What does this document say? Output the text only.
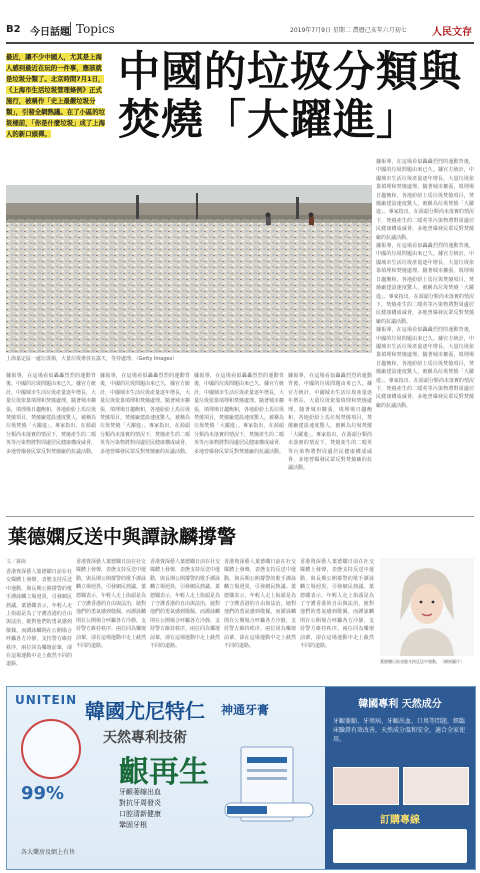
B2 今日話題 Topics	2019年7月9日 星期二 農曆己亥年六月初七	人民文存
最近，讓不少中國人，尤其是上海人感到最近在玩的一件事，應該就是垃圾分類了。北京時間7月1日，《上海市生活垃圾管理條例》正式施行，被稱作「史上最嚴垃圾分類」，引發全網熱議。在了小區的垃圾桶前，「你是什麼垃圾」成了上海人的新口頭禪。
中國的垃圾分類與
焚燒「大躍進」

據報導，在這場看似轟轟烈烈的運動背後，中國的垃圾問題由來已久。據官方統計，中國城市生活垃圾產量逐年增長，大量垃圾依靠填埋和焚燒處理。隨著城市擴張，填埋場日趨飽和，各地紛紛上馬垃圾焚燒項目，焚燒廠建設速度驚人，被稱為垃圾焚燒「大躍進」。專家指出，在源頭分類尚未落實的情況下，焚燒產生的二噁英等污染物將對周邊居民健康構成威脅，多地曾爆發民眾反對焚燒廠的抗議活動。

據報導，在這場看似轟轟烈烈的運動背後，中國的垃圾問題由來已久。據官方統計，中國城市生活垃圾產量逐年增長，大量垃圾依靠填埋和焚燒處理。隨著城市擴張，填埋場日趨飽和，各地紛紛上馬垃圾焚燒項目，焚燒廠建設速度驚人，被稱為垃圾焚燒「大躍進」。專家指出，在源頭分類尚未落實的情況下，焚燒產生的二噁英等污染物將對周邊居民健康構成威脅，多地曾爆發民眾反對焚燒廠的抗議活動。

據報導，在這場看似轟轟烈烈的運動背後，中國的垃圾問題由來已久。據官方統計，中國城市生活垃圾產量逐年增長，大量垃圾依靠填埋和焚燒處理。隨著城市擴張，填埋場日趨飽和，各地紛紛上馬垃圾焚燒項目，焚燒廠建設速度驚人，被稱為垃圾焚燒「大躍進」。專家指出，在源頭分類尚未落實的情況下，焚燒產生的二噁英等污染物將對周邊居民健康構成威脅，多地曾爆發民眾反對焚燒廠的抗議活動。

上海嘉定區一處垃圾場，大量垃圾堆放在露天，等待處理。（Getty Images）

據報導，在這場看似轟轟烈烈的運動背後，中國的垃圾問題由來已久。據官方統計，中國城市生活垃圾產量逐年增長，大量垃圾依靠填埋和焚燒處理。隨著城市擴張，填埋場日趨飽和，各地紛紛上馬垃圾焚燒項目，焚燒廠建設速度驚人，被稱為垃圾焚燒「大躍進」。專家指出，在源頭分類尚未落實的情況下，焚燒產生的二噁英等污染物將對周邊居民健康構成威脅，多地曾爆發民眾反對焚燒廠的抗議活動。

據報導，在這場看似轟轟烈烈的運動背後，中國的垃圾問題由來已久。據官方統計，中國城市生活垃圾產量逐年增長，大量垃圾依靠填埋和焚燒處理。隨著城市擴張，填埋場日趨飽和，各地紛紛上馬垃圾焚燒項目，焚燒廠建設速度驚人，被稱為垃圾焚燒「大躍進」。專家指出，在源頭分類尚未落實的情況下，焚燒產生的二噁英等污染物將對周邊居民健康構成威脅，多地曾爆發民眾反對焚燒廠的抗議活動。

據報導，在這場看似轟轟烈烈的運動背後，中國的垃圾問題由來已久。據官方統計，中國城市生活垃圾產量逐年增長，大量垃圾依靠填埋和焚燒處理。隨著城市擴張，填埋場日趨飽和，各地紛紛上馬垃圾焚燒項目，焚燒廠建設速度驚人，被稱為垃圾焚燒「大躍進」。專家指出，在源頭分類尚未落實的情況下，焚燒產生的二噁英等污染物將對周邊居民健康構成威脅，多地曾爆發民眾反對焚燒廠的抗議活動。

據報導，在這場看似轟轟烈烈的運動背後，中國的垃圾問題由來已久。據官方統計，中國城市生活垃圾產量逐年增長，大量垃圾依靠填埋和焚燒處理。隨著城市擴張，填埋場日趨飽和，各地紛紛上馬垃圾焚燒項目，焚燒廠建設速度驚人，被稱為垃圾焚燒「大躍進」。專家指出，在源頭分類尚未落實的情況下，焚燒產生的二噁英等污染物將對周邊居民健康構成威脅，多地曾爆發民眾反對焚燒廠的抗議活動。

葉德嫻反送中與譚詠麟撐警
文／霧崗

香港資深藝人葉德嫻日前在社交媒體上發聲，表態支持反送中運動，與長期公開撐警的歌手譚詠麟立場迥異，引發網民熱議。葉德嫻表示，年輕人走上街頭是為了守護香港的自由與法治，她對他們的勇氣感到敬佩。而譚詠麟則在公開場合呼籲各方冷靜，支持警方維持秩序。兩位同為樂壇前輩，卻在這場運動中走上截然不同的道路。

香港資深藝人葉德嫻日前在社交媒體上發聲，表態支持反送中運動，與長期公開撐警的歌手譚詠麟立場迥異，引發網民熱議。葉德嫻表示，年輕人走上街頭是為了守護香港的自由與法治，她對他們的勇氣感到敬佩。而譚詠麟則在公開場合呼籲各方冷靜，支持警方維持秩序。兩位同為樂壇前輩，卻在這場運動中走上截然不同的道路。

香港資深藝人葉德嫻日前在社交媒體上發聲，表態支持反送中運動，與長期公開撐警的歌手譚詠麟立場迥異，引發網民熱議。葉德嫻表示，年輕人走上街頭是為了守護香港的自由與法治，她對他們的勇氣感到敬佩。而譚詠麟則在公開場合呼籲各方冷靜，支持警方維持秩序。兩位同為樂壇前輩，卻在這場運動中走上截然不同的道路。

香港資深藝人葉德嫻日前在社交媒體上發聲，表態支持反送中運動，與長期公開撐警的歌手譚詠麟立場迥異，引發網民熱議。葉德嫻表示，年輕人走上街頭是為了守護香港的自由與法治，她對他們的勇氣感到敬佩。而譚詠麟則在公開場合呼籲各方冷靜，支持警方維持秩序。兩位同為樂壇前輩，卻在這場運動中走上截然不同的道路。

香港資深藝人葉德嫻日前在社交媒體上發聲，表態支持反送中運動，與長期公開撐警的歌手譚詠麟立場迥異，引發網民熱議。葉德嫻表示，年輕人走上街頭是為了守護香港的自由與法治，她對他們的勇氣感到敬佩。而譚詠麟則在公開場合呼籲各方冷靜，支持警方維持秩序。兩位同為樂壇前輩，卻在這場運動中走上截然不同的道路。

葉德嫻日前表態支持反送中運動。（網絡圖片）
UNITEIN 韓國尤尼特仁 神通牙膏
天然專利技術
齦再生
牙齦萎縮出血
對抗牙周發炎
口腔清新健康
鞏固牙根
99%
各大藥房及網上有售
韓國專利 天然成分
牙齦萎縮、牙周病、牙齦出血、口臭等問題，經臨床驗證有效改善，天然成分溫和安全，適合全家使用。
訂購專線
